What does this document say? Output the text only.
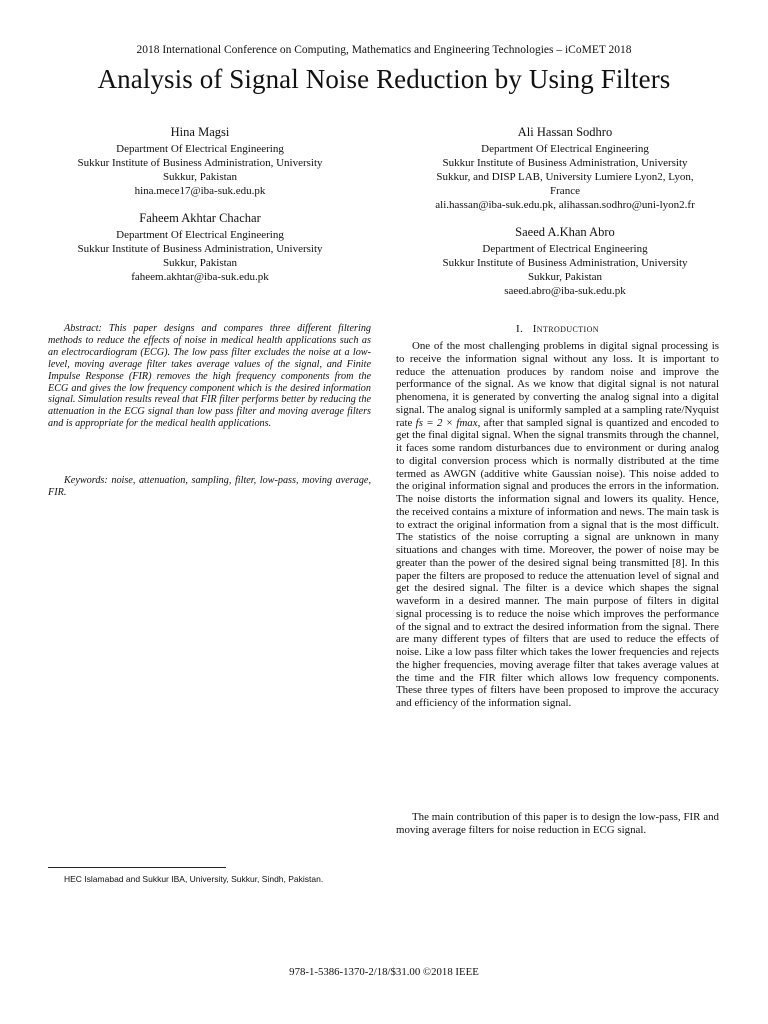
2018 International Conference on Computing, Mathematics and Engineering Technologies – iCoMET 2018
Analysis of Signal Noise Reduction by Using Filters
Hina Magsi
Department Of Electrical Engineering
Sukkur Institute of Business Administration, University
Sukkur, Pakistan
hina.mece17@iba-suk.edu.pk
Ali Hassan Sodhro
Department Of Electrical Engineering
Sukkur Institute of Business Administration, University
Sukkur, and DISP LAB, University Lumiere Lyon2, Lyon,
France
ali.hassan@iba-suk.edu.pk, alihassan.sodhro@uni-lyon2.fr
Faheem Akhtar Chachar
Department Of Electrical Engineering
Sukkur Institute of Business Administration, University
Sukkur, Pakistan
faheem.akhtar@iba-suk.edu.pk
Saeed A.Khan Abro
Department of Electrical Engineering
Sukkur Institute of Business Administration, University
Sukkur, Pakistan
saeed.abro@iba-suk.edu.pk
Abstract: This paper designs and compares three different filtering methods to reduce the effects of noise in medical health applications such as an electrocardiogram (ECG). The low pass filter excludes the noise at a low-level, moving average filter takes average values of the signal, and Finite Impulse Response (FIR) removes the high frequency components from the ECG and gives the low frequency component which is the desired information signal. Simulation results reveal that FIR filter performs better by reducing the attenuation in the ECG signal than low pass filter and moving average filters and is appropriate for the medical health applications.
Keywords: noise, attenuation, sampling, filter, low-pass, moving average, FIR.
I. Introduction
One of the most challenging problems in digital signal processing is to receive the information signal without any loss. It is important to reduce the attenuation produces by random noise and improve the performance of the signal. As we know that digital signal is not natural phenomena, it is generated by converting the analog signal into a digital signal. The analog signal is uniformly sampled at a sampling rate/Nyquist rate fs = 2 × fmax, after that sampled signal is quantized and encoded to get the final digital signal. When the signal transmits through the channel, it faces some random disturbances due to environment or during analog to digital conversion process which is normally distributed at the time termed as AWGN (additive white Gaussian noise). This noise added to the original information signal and produces the errors in the information. The noise distorts the information signal and lowers its quality. Hence, the received contains a mixture of information and news. The main task is to extract the original information from a signal that is the most difficult. The statistics of the noise corrupting a signal are unknown in many situations and changes with time. Moreover, the power of noise may be greater than the power of the desired signal being transmitted [8]. In this paper the filters are proposed to reduce the attenuation level of signal and get the desired signal. The filter is a device which shapes the signal waveform in a desired manner. The main purpose of filters in digital signal processing is to reduce the noise which improves the performance of the signal and to extract the desired information from the signal. There are many different types of filters that are used to reduce the effects of noise. Like a low pass filter which takes the lower frequencies and rejects the higher frequencies, moving average filter that takes average values at the time and the FIR filter which allows low frequency components. These three types of filters have been proposed to improve the accuracy and efficiency of the information signal.
The main contribution of this paper is to design the low-pass, FIR and moving average filters for noise reduction in ECG signal.
HEC Islamabad and Sukkur IBA, University, Sukkur, Sindh, Pakistan.
978-1-5386-1370-2/18/$31.00 ©2018 IEEE
